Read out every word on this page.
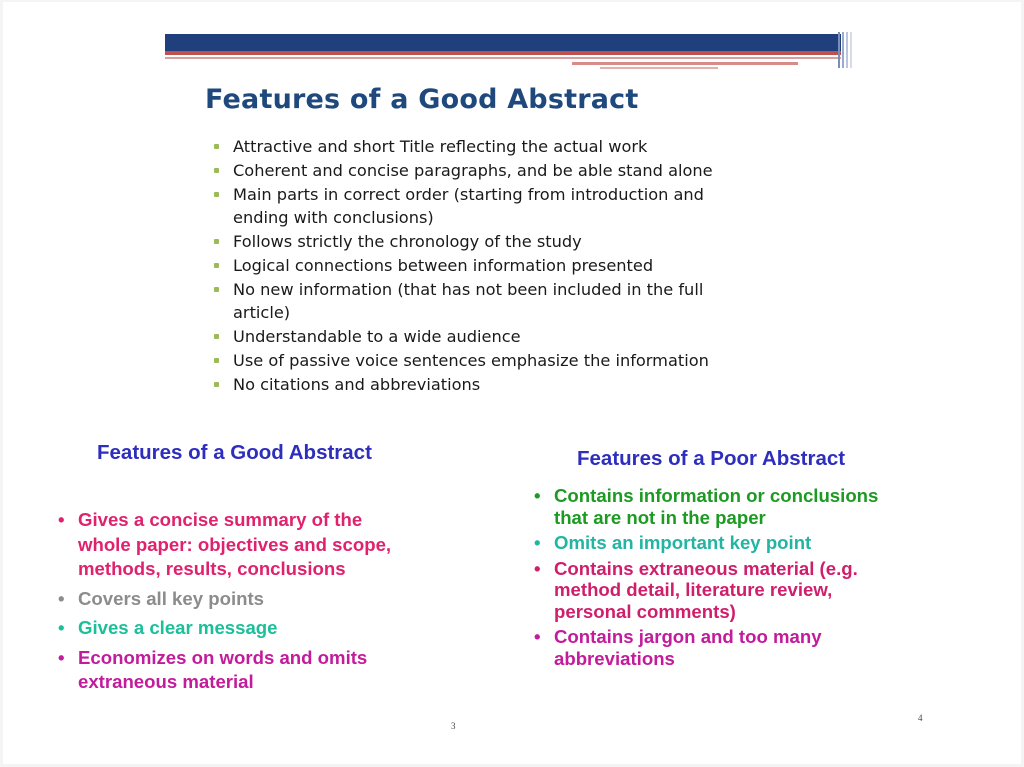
Features of a Good Abstract
Attractive and short Title reflecting the actual work
Coherent and concise paragraphs, and be able stand alone
Main parts in correct order (starting from introduction and
ending with conclusions)
Follows strictly the chronology of the study
Logical connections between information presented
No new information (that has not been included in the full
article)
Understandable to a wide audience
Use of passive voice sentences emphasize the information
No citations and abbreviations
Features of a Good Abstract
• Gives a concise summary of the
whole paper: objectives and scope,
methods, results, conclusions
• Covers all key points
• Gives a clear message
• Economizes on words and omits
extraneous material
Features of a Poor Abstract
• Contains information or conclusions
that are not in the paper
• Omits an important key point
• Contains extraneous material (e.g.
method detail, literature review,
personal comments)
• Contains jargon and too many
abbreviations
3
4
